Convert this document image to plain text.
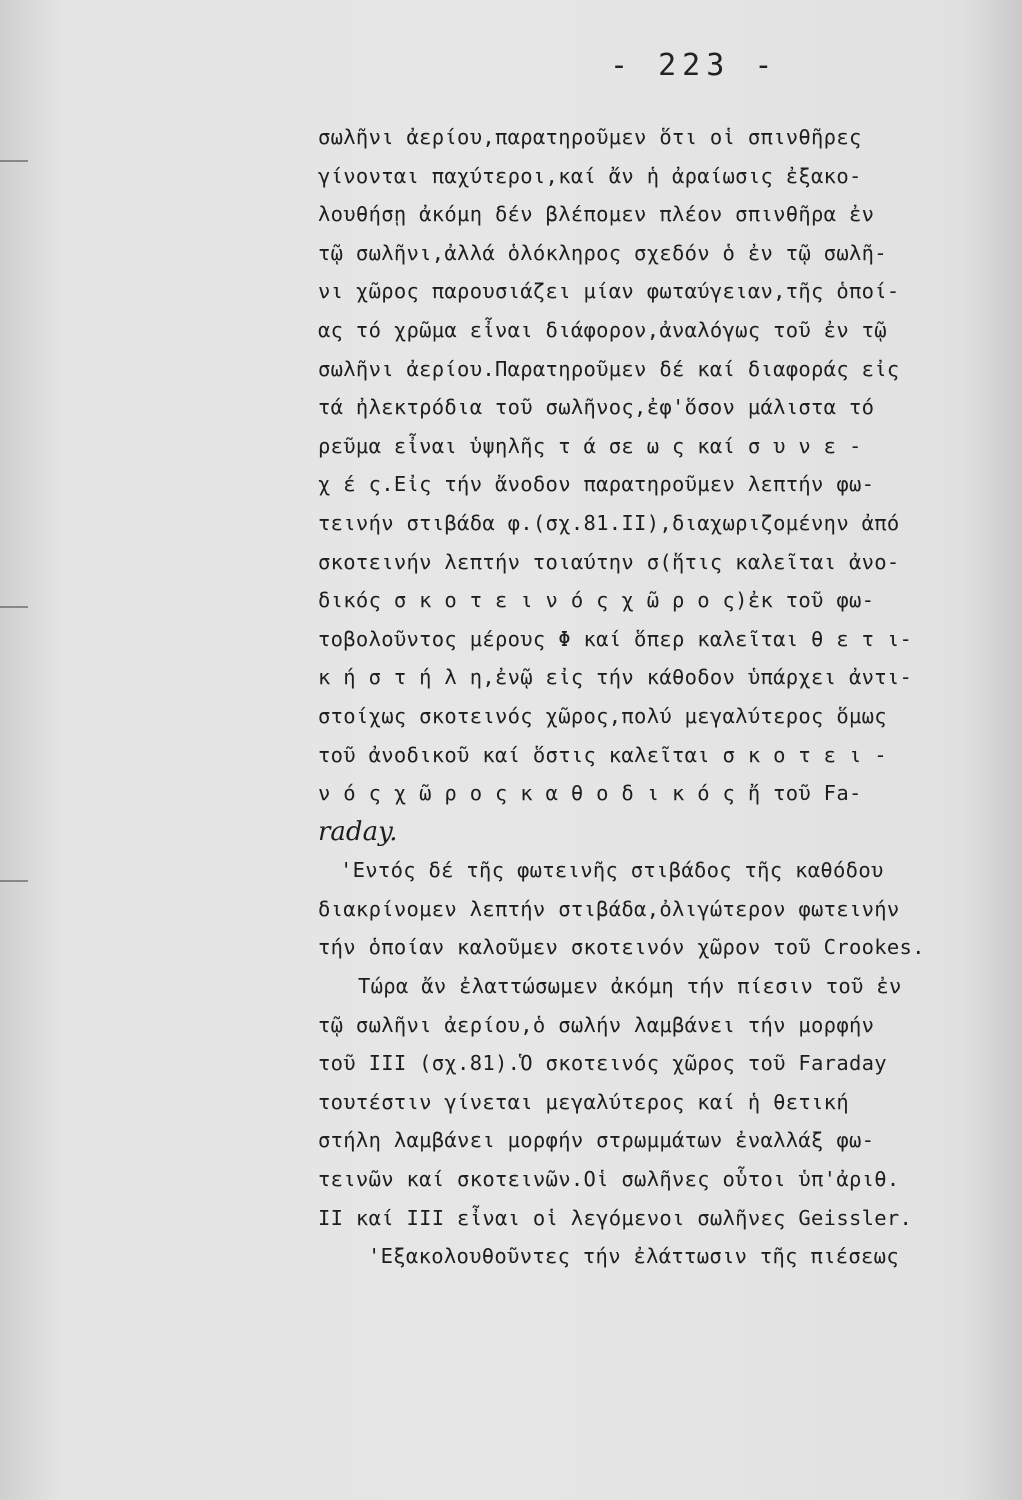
- 223 -
σωλῆνι ἀερίου,παρατηροῦμεν ὅτι οἱ σπινθῆρες
γίνονται παχύτεροι,καί ἄν ἡ ἀραίωσις ἐξακο-
λουθήσῃ ἀκόμη δέν βλέπομεν πλέον σπινθῆρα ἐν
τῷ σωλῆνι,ἀλλά ὁλόκληρος σχεδόν ὁ ἐν τῷ σωλῆ-
νι χῶρος παρουσιάζει μίαν φωταύγειαν,τῆς ὁποί-
ας τό χρῶμα εἶναι διάφορον,ἀναλόγως τοῦ ἐν τῷ
σωλῆνι ἀερίου.Παρατηροῦμεν δέ καί διαφοράς εἰς
τά ἠλεκτρόδια τοῦ σωλῆνος,ἐφ'ὅσον μάλιστα τό
ρεῦμα εἶναι ὑψηλῆς τ ά σε ω ς καί σ υ ν ε -
χ έ ς.Εἰς τήν ἄνοδον παρατηροῦμεν λεπτήν φω-
τεινήν στιβάδα φ.(σχ.81.ΙΙ),διαχωριζομένην ἀπό
σκοτεινήν λεπτήν τοιαύτην σ(ἥτις καλεῖται ἀνο-
δικός σ κ ο τ ε ι ν ό ς χ ῶ ρ ο ς)ἐκ τοῦ φω-
τοβολοῦντος μέρους Φ καί ὅπερ καλεῖται θ ε τ ι-
κ ή σ τ ή λ η,ἐνῷ εἰς τήν κάθοδον ὑπάρχει ἀντι-
στοίχως σκοτεινός χῶρος,πολύ μεγαλύτερος ὅμως
τοῦ ἀνοδικοῦ καί ὅστις καλεῖται σ κ ο τ ε ι -
ν ό ς χ ῶ ρ ο ς κ α θ ο δ ι κ ό ς ἤ τοῦ Fa-
raday.
'Εντός δέ τῆς φωτεινῆς στιβάδος τῆς καθόδου
διακρίνομεν λεπτήν στιβάδα,ὀλιγώτερον φωτεινήν
τήν ὁποίαν καλοῦμεν σκοτεινόν χῶρον τοῦ Crookes.
Τώρα ἄν ἐλαττώσωμεν ἀκόμη τήν πίεσιν τοῦ ἐν
τῷ σωλῆνι ἀερίου,ὁ σωλήν λαμβάνει τήν μορφήν
τοῦ ΙΙΙ (σχ.81).Ὁ σκοτεινός χῶρος τοῦ Faraday
τουτέστιν γίνεται μεγαλύτερος καί ἡ θετική
στήλη λαμβάνει μορφήν στρωμμάτων ἐναλλάξ φω-
τεινῶν καί σκοτεινῶν.Οἱ σωλῆνες οὗτοι ὑπ'ἀριθ.
ΙΙ καί ΙΙΙ εἶναι οἱ λεγόμενοι σωλῆνες Geissler.
'Εξακολουθοῦντες τήν ἐλάττωσιν τῆς πιέσεως
